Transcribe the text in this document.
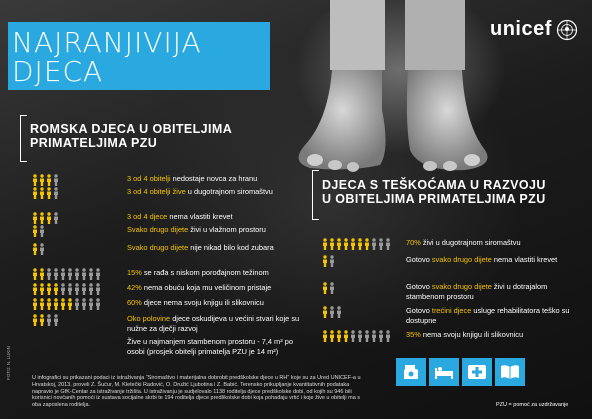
NAJRANJIVIJA
DJECA
unicef
ROMSKA DJECA U OBITELJIMA
PRIMATELJIMA PZU
3 od 4 obitelji nedostaje novca za hranu
3 od 4 obitelji žive u dugotrajnom siromaštvu
3 od 4 djece nema vlastiti krevet
Svako drugo dijete živi u vlažnom prostoru
Svako drugo dijete nije nikad bilo kod zubara
15% se rađa s niskom porođajnom težinom
42% nema obuću koja mu veličinom pristaje
60% djece nema svoju knjigu ili slikovnicu
Oko polovine djece oskudijeva u većini stvari koje su nužne za dječji razvoj
Žive u najmanjem stambenom prostoru - 7,4 m² po osobi (prosjek obitelji primatelja PZU je 14 m²)
DJECA S TEŠKOĆAMA U RAZVOJU
U OBITELJIMA PRIMATELJIMA PZU
70% živi u dugotrajnom siromaštvu
Gotovo svako drugo dijete nema vlastiti krevet
Gotovo svako drugo dijete živi u dotrajalom stambenom prostoru
Gotovo trećini djece usluge rehabilitatora teško su dostupne
35% nema svoju knjigu ili slikovnicu
U infografici su prikazani podaci iz istraživanja "Siromaštvo i materijalna dobrobit predškolske djece u RH" koje su za Ured UNICEF-a u Hrvatskoj, 2013. proveli Z. Šućur, M. Kletečki Radović, O. Družić Ljubotina i Z. Babić. Terensko prikupljanje kvantitativnih podataka napravio je GfK-Centar za istraživanje tržišta. U istraživanju je sudjelovalo 1138 roditelja djece predškolske dobi, od kojih su 946 bili korisnici novčanih pomoći iz sustava socijalne skrbi te 194 roditelja djece predškolske dobi koja pohađaju vrtić i koje žive u obitelji ma s oba zaposlena roditelja.
FOTO: N. LUKIN
PZU = pomoć za uzdržavanje
